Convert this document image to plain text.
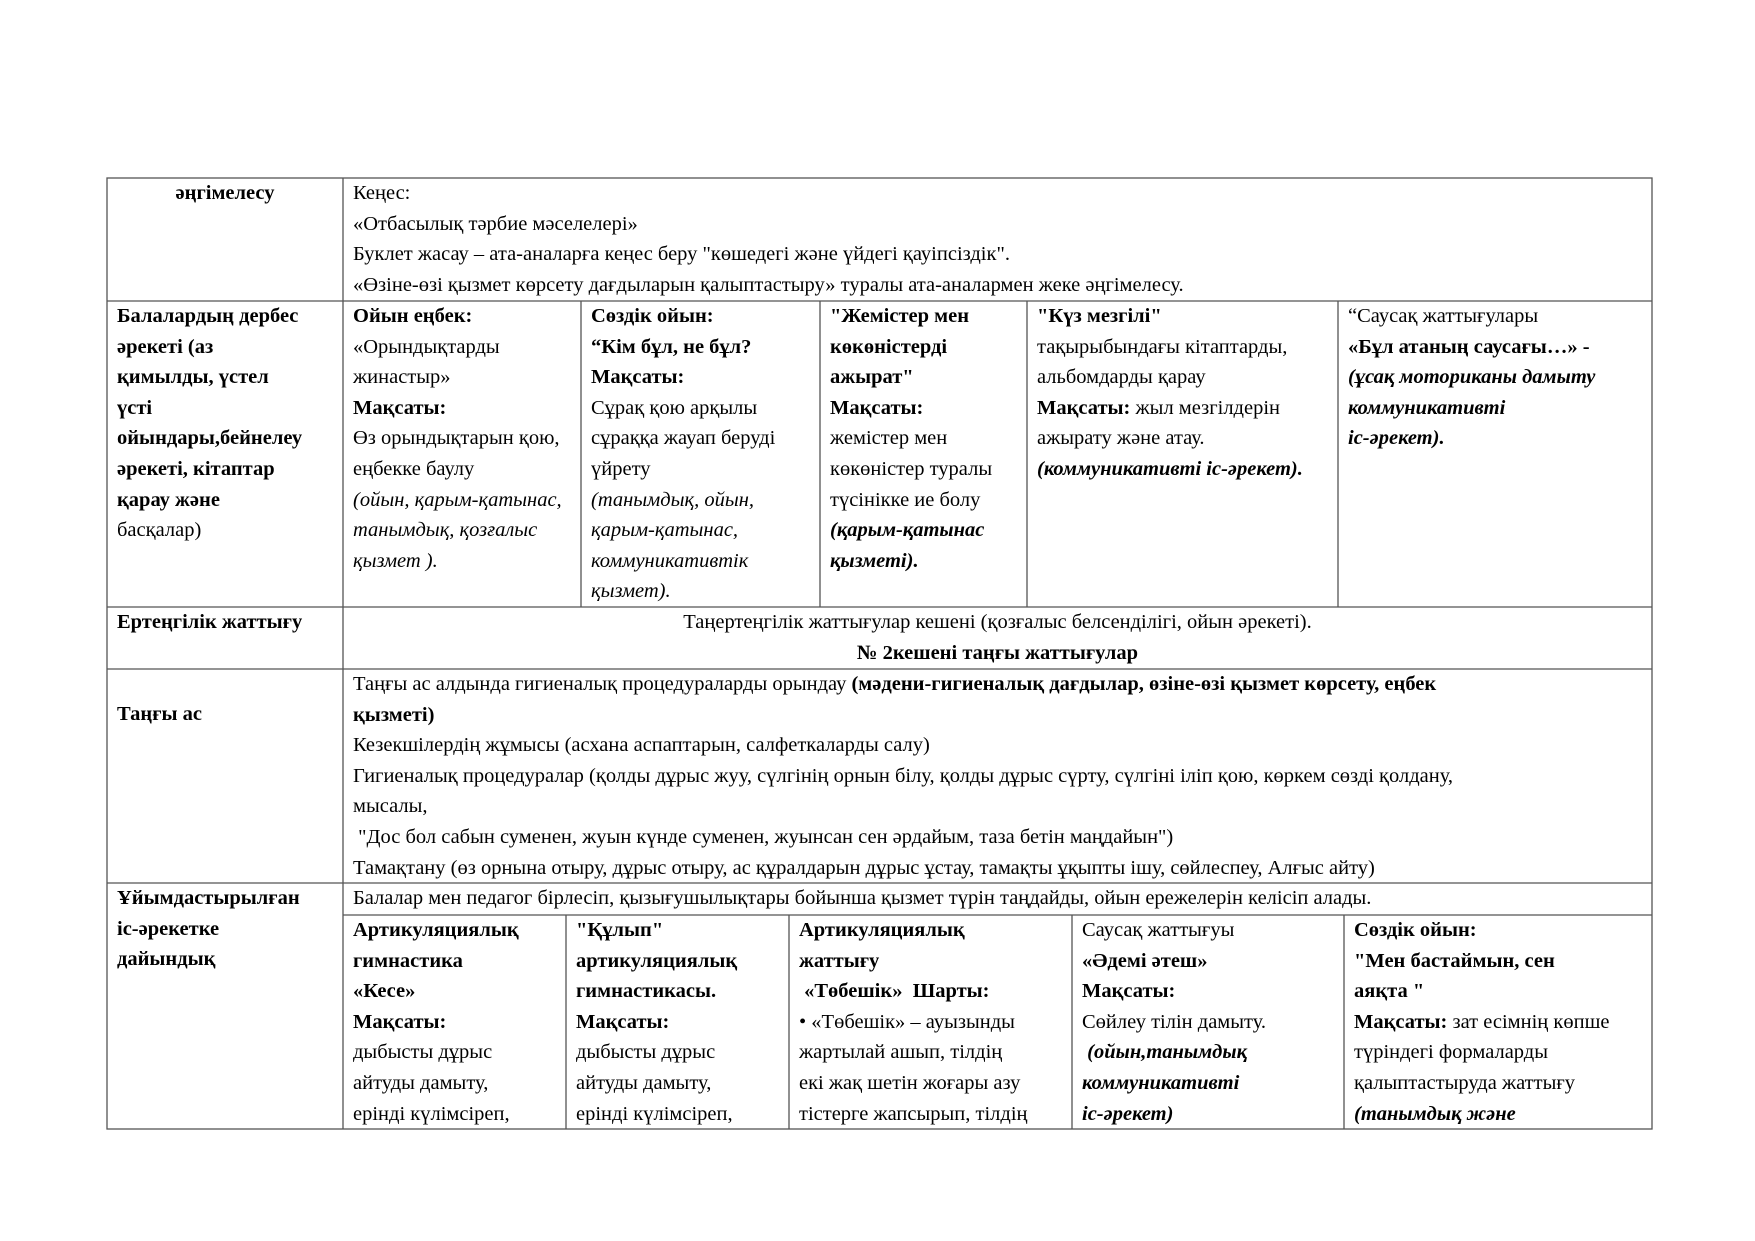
әңгімелесу	Кеңес:
«Отбасылық тәрбие мәселелері»
Буклет жасау – ата-аналарға кеңес беру "көшедегі және үйдегі қауіпсіздік".
«Өзіне-өзі қызмет көрсету дағдыларын қалыптастыру» туралы ата-аналармен жеке әңгімелесу.
Балалардың дербес
әрекеті (аз
қимылды, үстел
үсті
ойындары,бейнелеу
әрекеті, кітаптар
қарау және
басқалар)
Ойын еңбек:
«Орындықтарды жинастыр»
Мақсаты:
Өз орындықтарын қою, еңбекке баулу
(ойын, қарым-қатынас, танымдық, қозғалыс қызмет ).
Сөздік ойын:
“Кім бұл, не бұл?
Мақсаты:
Сұрақ қою арқылы сұраққа жауап беруді үйрету
(танымдық, ойын, қарым-қатынас, коммуникативтік қызмет).
"Жемістер мен көкөністерді ажырат"
Мақсаты:
жемістер мен көкөністер туралы түсінікке ие болу
(қарым-қатынас қызметі).
"Күз мезгілі"
тақырыбындағы кітаптарды, альбомдарды қарау
Мақсаты: жыл мезгілдерін ажырату және атау.
(коммуникативті іс-әрекет).
“Саусақ жаттығулары
«Бұл атаның саусағы…» -
(ұсақ моториканы дамыту
коммуникативті
іс-әрекет).
Ертеңгілік жаттығу	Таңертеңгілік жаттығулар кешені (қозғалыс белсенділігі, ойын әрекеті).
№ 2кешені таңғы жаттығулар
Таңғы ас
Таңғы ас алдында гигиеналық процедураларды орындау (мәдени-гигиеналық дағдылар, өзіне-өзі қызмет көрсету, еңбек
қызметі)
Кезекшілердің жұмысы (асхана аспаптарын, салфеткаларды салу)
Гигиеналық процедуралар (қолды дұрыс жуу, сүлгінің орнын білу, қолды дұрыс сүрту, сүлгіні іліп қою, көркем сөзді қолдану,
мысалы,
"Дос бол сабын суменен, жуын күнде суменен, жуынсан сен әрдайым, таза бетін маңдайын")
Тамақтану (өз орнына отыру, дұрыс отыру, ас құралдарын дұрыс ұстау, тамақты ұқыпты ішу, сөйлеспеу, Алғыс айту)
Балалар мен педагог бірлесіп, қызығушылықтары бойынша қызмет түрін таңдайды, ойын ережелерін келісіп алады.
Ұйымдастырылған
іс-әрекетке
дайындық
Артикуляциялық
гимнастика
«Кесе»
Мақсаты:
дыбысты дұрыс
айтуды дамыту,
ерінді күлімсіреп,
"Құлып"
артикуляциялық
гимнастикасы.
Мақсаты:
дыбысты дұрыс
айтуды дамыту,
ерінді күлімсіреп,
Артикуляциялық
жаттығу
«Төбешік»  Шарты:
• «Төбешік» – ауызынды
жартылай ашып, тілдің
екі жақ шетін жоғары азу
тістерге жапсырып, тілдің
Саусақ жаттығуы
«Әдемі әтеш»
Мақсаты:
Сөйлеу тілін дамыту.
(ойын,танымдық
коммуникативті
іс-әрекет)
Сөздік ойын:
"Мен бастаймын, сен
аяқта "
Мақсаты: зат есімнің көпше
түріндегі формаларды
қалыптастыруда жаттығу
(танымдық және
